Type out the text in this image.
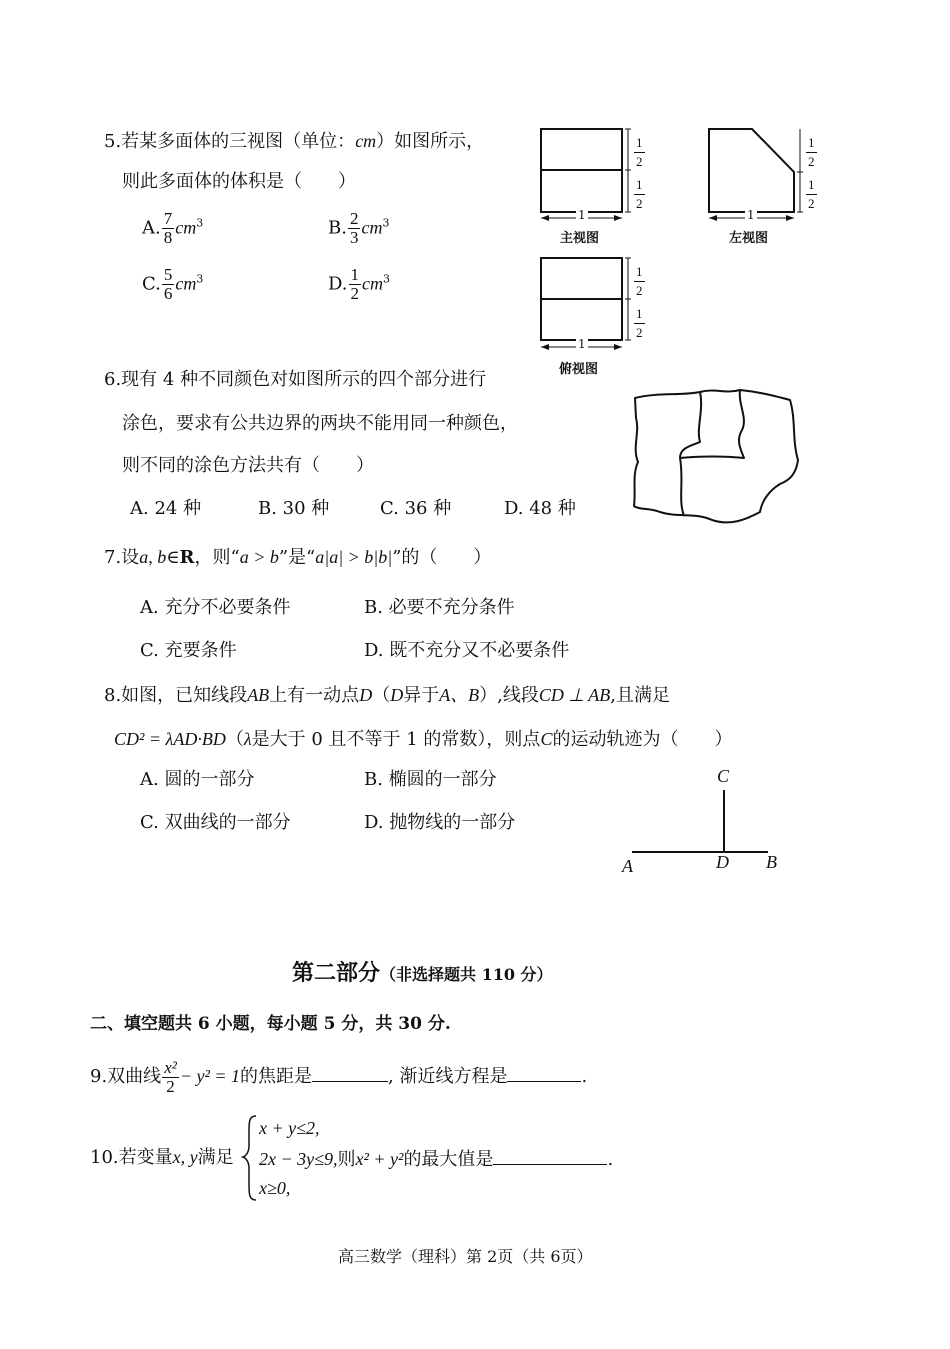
5.若某多面体的三视图（单位：cm）如图所示，
则此多面体的体积是（　　）
A. $\frac{7}{8} cm^3$	B. $\frac{2}{3} cm^3$
C. $\frac{5}{6} cm^3$	D. $\frac{1}{2} cm^3$
1	1
1
$\frac{1}{2}$
$\frac{1}{2}$
$\frac{1}{2}$
$\frac{1}{2}$
$\frac{1}{2}$
$\frac{1}{2}$
主视图	左视图
俯视图
6.现有 4 种不同颜色对如图所示的四个部分进行
涂色，要求有公共边界的两块不能用同一种颜色，
则不同的涂色方法共有（　　）
A. 24 种	B. 30 种	C. 36 种	D. 48 种
7.设a, b∈R，则“a > b”是“a|a| > b|b|”的（　　）
A. 充分不必要条件	B. 必要不充分条件
C. 充要条件	D. 既不充分又不必要条件
8.如图，已知线段AB上有一动点D（D异于A、B）,线段CD ⊥ AB,且满足
CD² = λAD·BD（λ是大于 0 且不等于 1 的常数），则点C的运动轨迹为（　　）
A. 圆的一部分	B. 椭圆的一部分
C. 双曲线的一部分	D. 抛物线的一部分
C
A	D B
第二部分（非选择题共 110 分）
二、填空题共 6 小题，每小题 5 分，共 30 分.
9.双曲线 $\frac{\text{x²}}{2} - y^2 = 1$的焦距是	, 渐近线方程是	.
10.若变量x, y满足
x + y≤2,
2x − 3y≤9,则x² + y²的最大值是	.
x≥0,
高三数学（理科）第 2页（共 6页）
